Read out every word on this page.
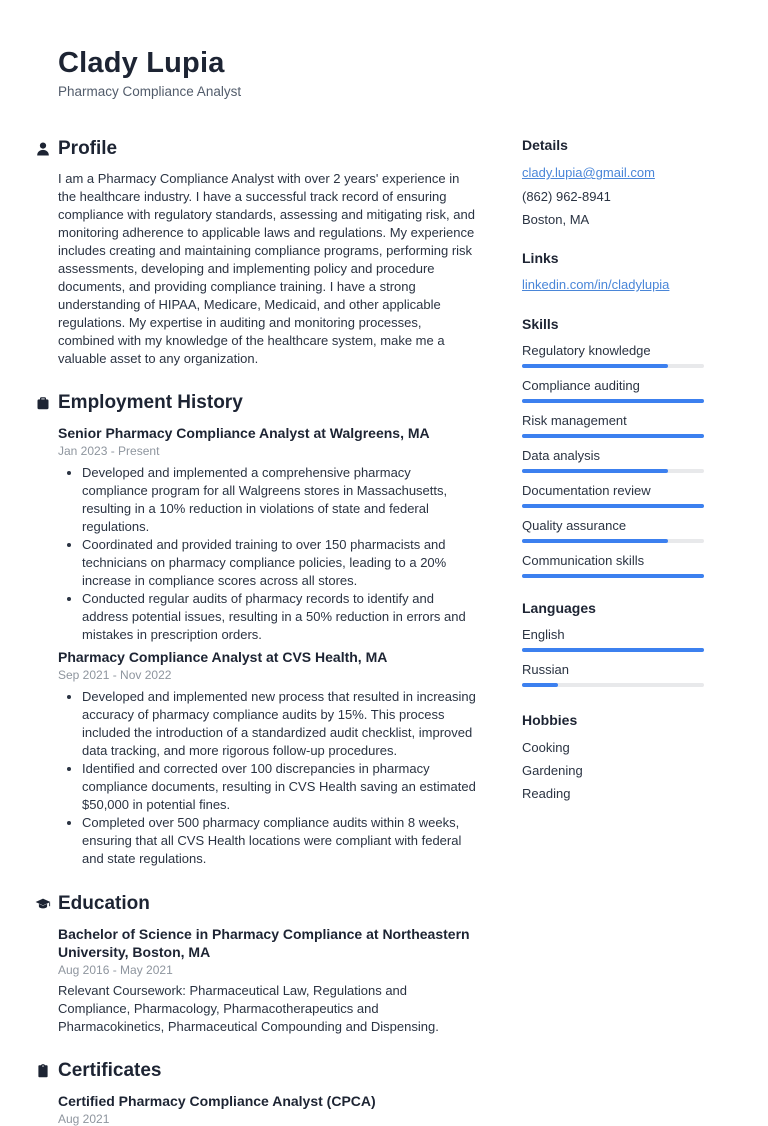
Clady Lupia
Pharmacy Compliance Analyst
Profile

I am a Pharmacy Compliance Analyst with over 2 years' experience in the healthcare industry. I have a successful track record of ensuring compliance with regulatory standards, assessing and mitigating risk, and monitoring adherence to applicable laws and regulations. My experience includes creating and maintaining compliance programs, performing risk assessments, developing and implementing policy and procedure documents, and providing compliance training. I have a strong understanding of HIPAA, Medicare, Medicaid, and other applicable regulations. My expertise in auditing and monitoring processes, combined with my knowledge of the healthcare system, make me a valuable asset to any organization.

Employment History
Senior Pharmacy Compliance Analyst at Walgreens, MA
Jan 2023 - Present
• Developed and implemented a comprehensive pharmacy compliance program for all Walgreens stores in Massachusetts, resulting in a 10% reduction in violations of state and federal regulations.
• Coordinated and provided training to over 150 pharmacists and technicians on pharmacy compliance policies, leading to a 20% increase in compliance scores across all stores.
• Conducted regular audits of pharmacy records to identify and address potential issues, resulting in a 50% reduction in errors and mistakes in prescription orders.
Pharmacy Compliance Analyst at CVS Health, MA
Sep 2021 - Nov 2022
• Developed and implemented new process that resulted in increasing accuracy of pharmacy compliance audits by 15%. This process included the introduction of a standardized audit checklist, improved data tracking, and more rigorous follow-up procedures.
• Identified and corrected over 100 discrepancies in pharmacy compliance documents, resulting in CVS Health saving an estimated $50,000 in potential fines.
• Completed over 500 pharmacy compliance audits within 8 weeks, ensuring that all CVS Health locations were compliant with federal and state regulations.
Education
Bachelor of Science in Pharmacy Compliance at Northeastern University, Boston, MA
Aug 2016 - May 2021

Relevant Coursework: Pharmaceutical Law, Regulations and Compliance, Pharmacology, Pharmacotherapeutics and Pharmacokinetics, Pharmaceutical Compounding and Dispensing.

Certificates
Certified Pharmacy Compliance Analyst (CPCA)
Aug 2021
Details
clady.lupia@gmail.com
(862) 962-8941
Boston, MA
Links
linkedin.com/in/cladylupia
Skills
Regulatory knowledge
Compliance auditing
Risk management
Data analysis
Documentation review
Quality assurance
Communication skills
Languages
English
Russian
Hobbies
Cooking
Gardening
Reading
